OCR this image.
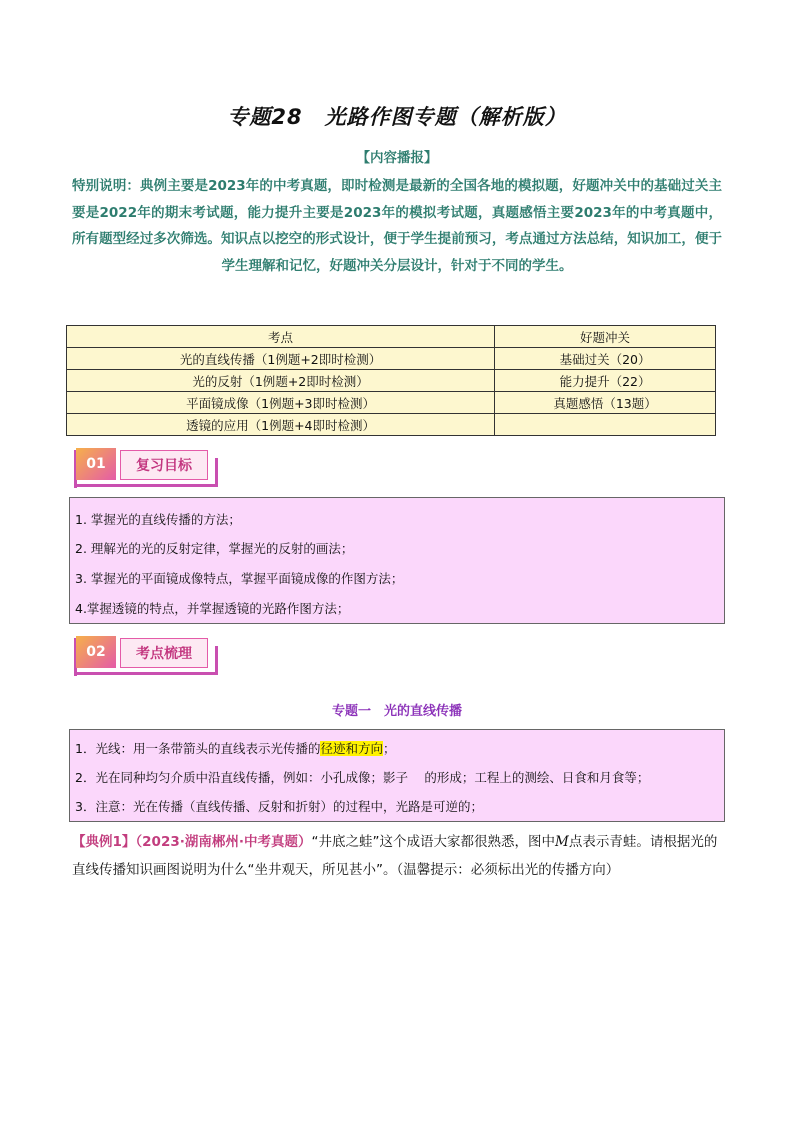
专题28　光路作图专题（解析版）
【内容播报】
特别说明：典例主要是2023年的中考真题，即时检测是最新的全国各地的模拟题，好题冲关中的基础过关主要是2022年的期末考试题，能力提升主要是2023年的模拟考试题，真题感悟主要2023年的中考真题中，所有题型经过多次筛选。知识点以挖空的形式设计，便于学生提前预习，考点通过方法总结，知识加工，便于学生理解和记忆，好题冲关分层设计，针对于不同的学生。
考点	好题冲关
光的直线传播（1例题+2即时检测）	基础过关（20）
光的反射（1例题+2即时检测）	能力提升（22）
平面镜成像（1例题+3即时检测）	真题感悟（13题）
透镜的应用（1例题+4即时检测）	
01	复习目标
1. 掌握光的直线传播的方法；
2. 理解光的光的反射定律，掌握光的反射的画法；
3. 掌握光的平面镜成像特点，掌握平面镜成像的作图方法；
4.掌握透镜的特点，并掌握透镜的光路作图方法；
02	考点梳理
专题一　光的直线传播
1．光线：用一条带箭头的直线表示光传播的径迹和方向；
2．光在同种均匀介质中沿直线传播，例如：小孔成像；影子　 的形成；工程上的测绘、日食和月食等；
3．注意：光在传播（直线传播、反射和折射）的过程中，光路是可逆的；
【典例1】（2023·湖南郴州·中考真题）“井底之蛙”这个成语大家都很熟悉，图中M点表示青蛙。请根据光的直线传播知识画图说明为什么“坐井观天，所见甚小”。（温馨提示：必须标出光的传播方向）
